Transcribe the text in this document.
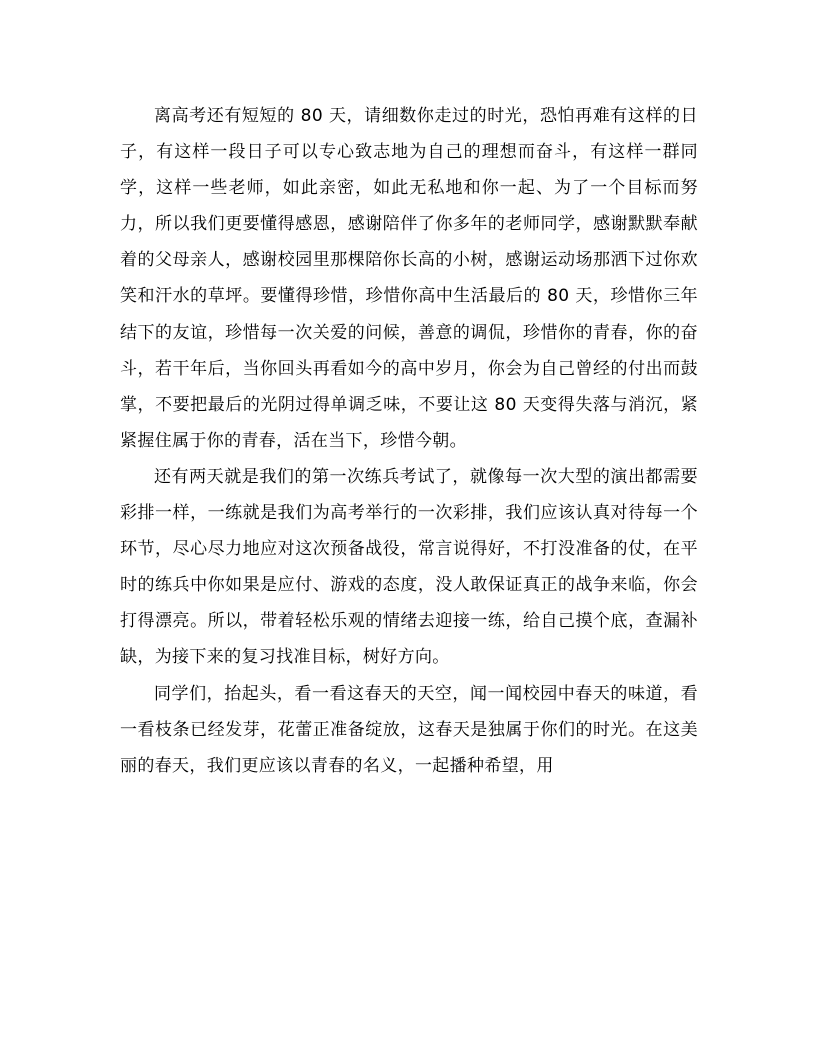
离高考还有短短的 80 天，请细数你走过的时光，恐怕再难有这样的日子，有这样一段日子可以专心致志地为自己的理想而奋斗，有这样一群同学，这样一些老师，如此亲密，如此无私地和你一起、为了一个目标而努力，所以我们更要懂得感恩，感谢陪伴了你多年的老师同学，感谢默默奉献着的父母亲人，感谢校园里那棵陪你长高的小树，感谢运动场那洒下过你欢笑和汗水的草坪。要懂得珍惜，珍惜你高中生活最后的 80 天，珍惜你三年结下的友谊，珍惜每一次关爱的问候，善意的调侃，珍惜你的青春，你的奋斗，若干年后，当你回头再看如今的高中岁月，你会为自己曾经的付出而鼓掌，不要把最后的光阴过得单调乏味，不要让这 80 天变得失落与消沉，紧紧握住属于你的青春，活在当下，珍惜今朝。

还有两天就是我们的第一次练兵考试了，就像每一次大型的演出都需要彩排一样，一练就是我们为高考举行的一次彩排，我们应该认真对待每一个环节，尽心尽力地应对这次预备战役，常言说得好，不打没准备的仗，在平时的练兵中你如果是应付、游戏的态度，没人敢保证真正的战争来临，你会打得漂亮。所以，带着轻松乐观的情绪去迎接一练，给自己摸个底，查漏补缺，为接下来的复习找准目标，树好方向。

同学们，抬起头，看一看这春天的天空，闻一闻校园中春天的味道，看一看枝条已经发芽，花蕾正准备绽放，这春天是独属于你们的时光。在这美丽的春天，我们更应该以青春的名义，一起播种希望，用
